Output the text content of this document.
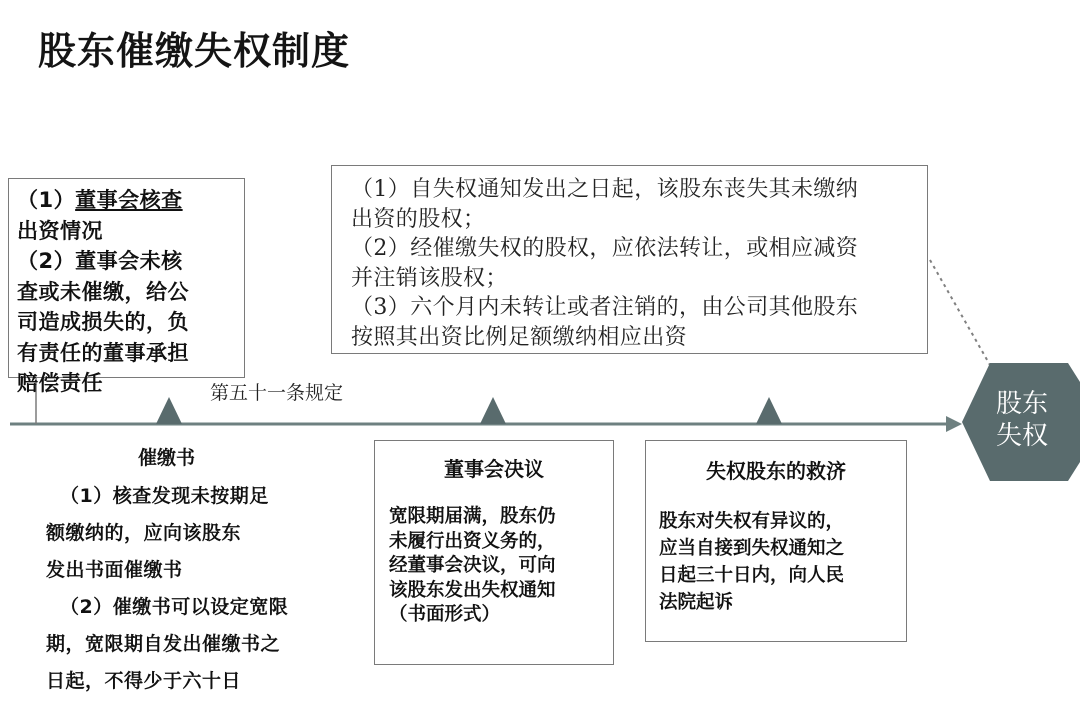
股东催缴失权制度
（1）董事会核查
出资情况
（2）董事会未核
查或未催缴，给公
司造成损失的，负
有责任的董事承担
赔偿责任
（1）自失权通知发出之日起，该股东丧失其未缴纳
出资的股权；
（2）经催缴失权的股权，应依法转让，或相应减资
并注销该股权；
（3）六个月内未转让或者注销的，由公司其他股东
按照其出资比例足额缴纳相应出资
第五十一条规定
催缴书
（1）核查发现未按期足
额缴纳的，应向该股东
发出书面催缴书
（2）催缴书可以设定宽限
期，宽限期自发出催缴书之
日起，不得少于六十日
董事会决议
宽限期届满，股东仍
未履行出资义务的，
经董事会决议，可向
该股东发出失权通知
（书面形式）
失权股东的救济
股东对失权有异议的，
应当自接到失权通知之
日起三十日内，向人民
法院起诉
股东
失权
